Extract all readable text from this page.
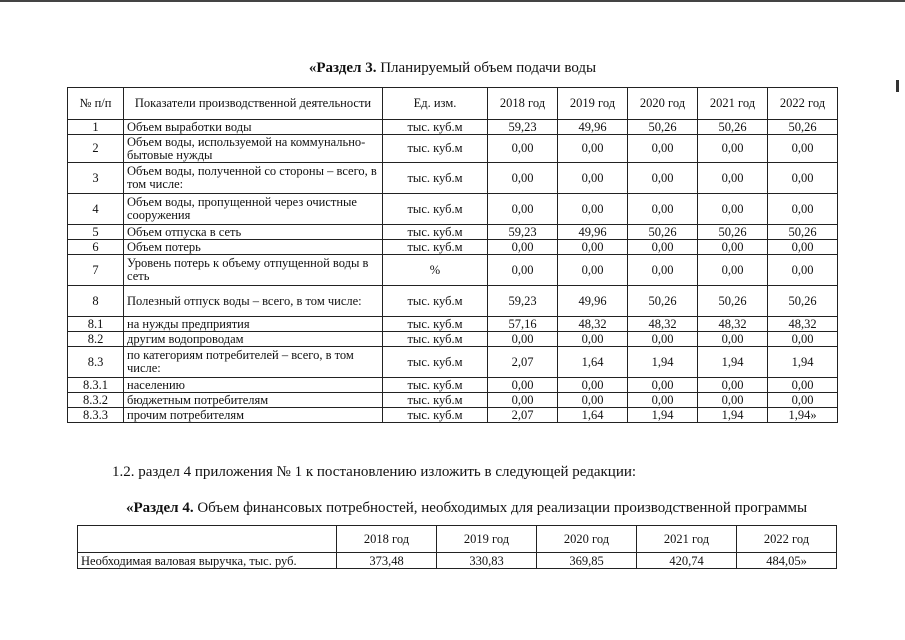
«Раздел 3. Планируемый объем подачи воды
№ п/п	Показатели производственной деятельности	Ед. изм.	2018 год	2019 год	2020 год	2021 год	2022 год
1	Объем выработки воды	тыс. куб.м	59,23	49,96	50,26	50,26	50,26
2	Объем воды, используемой на коммунально-бытовые нужды	тыс. куб.м	0,00	0,00	0,00	0,00	0,00
3	Объем воды, полученной со стороны – всего, в том числе:	тыс. куб.м	0,00	0,00	0,00	0,00	0,00
4	Объем воды, пропущенной через очистные сооружения	тыс. куб.м	0,00	0,00	0,00	0,00	0,00
5	Объем отпуска в сеть	тыс. куб.м	59,23	49,96	50,26	50,26	50,26
6	Объем потерь	тыс. куб.м	0,00	0,00	0,00	0,00	0,00
7	Уровень потерь к объему отпущенной воды в сеть	%	0,00	0,00	0,00	0,00	0,00
8	Полезный отпуск воды – всего, в том числе:	тыс. куб.м	59,23	49,96	50,26	50,26	50,26
8.1	на нужды предприятия	тыс. куб.м	57,16	48,32	48,32	48,32	48,32
8.2	другим водопроводам	тыс. куб.м	0,00	0,00	0,00	0,00	0,00
8.3	по категориям потребителей – всего, в том числе:	тыс. куб.м	2,07	1,64	1,94	1,94	1,94
8.3.1	населению	тыс. куб.м	0,00	0,00	0,00	0,00	0,00
8.3.2	бюджетным потребителям	тыс. куб.м	0,00	0,00	0,00	0,00	0,00
8.3.3	прочим потребителям	тыс. куб.м	2,07	1,64	1,94	1,94	1,94»
1.2. раздел 4 приложения № 1 к постановлению изложить в следующей редакции:
«Раздел 4. Объем финансовых потребностей, необходимых для реализации производственной программы
	2018 год	2019 год	2020 год	2021 год	2022 год
Необходимая валовая выручка, тыс. руб.	373,48	330,83	369,85	420,74	484,05»
